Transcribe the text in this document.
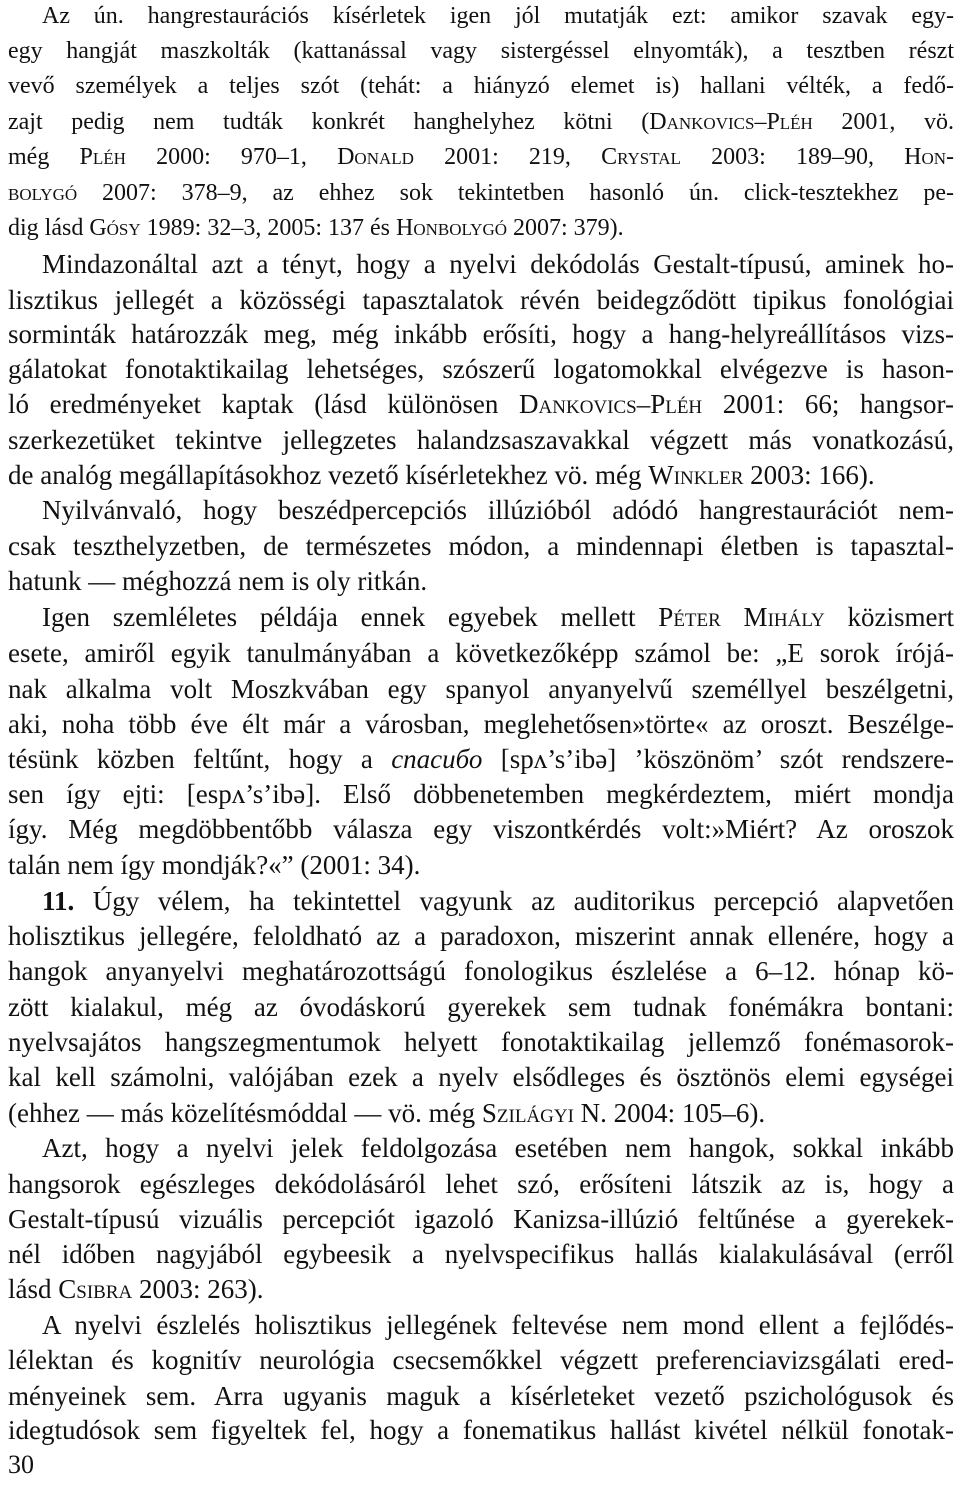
Az ún. hangrestaurációs kísérletek igen jól mutatják ezt: amikor szavak egy-
egy hangját maszkolták (kattanással vagy sistergéssel elnyomták), a tesztben részt
vevő személyek a teljes szót (tehát: a hiányzó elemet is) hallani vélték, a fedő-
zajt pedig nem tudták konkrét hanghelyhez kötni (Dankovics–Pléh 2001, vö.
még Pléh 2000: 970–1, Donald 2001: 219, Crystal 2003: 189–90, Hon-
bolygó 2007: 378–9, az ehhez sok tekintetben hasonló ún. click-tesztekhez pe-
dig lásd Gósy 1989: 32–3, 2005: 137 és Honbolygó 2007: 379).
Mindazonáltal azt a tényt, hogy a nyelvi dekódolás Gestalt-típusú, aminek ho-
lisztikus jellegét a közösségi tapasztalatok révén beidegződött tipikus fonológiai
sorminták határozzák meg, még inkább erősíti, hogy a hang-helyreállításos vizs-
gálatokat fonotaktikailag lehetséges, szószerű logatomokkal elvégezve is hason-
ló eredményeket kaptak (lásd különösen Dankovics–Pléh 2001: 66; hangsor-
szerkezetüket tekintve jellegzetes halandzsaszavakkal végzett más vonatkozású,
de analóg megállapításokhoz vezető kísérletekhez vö. még Winkler 2003: 166).
Nyilvánvaló, hogy beszédpercepciós illúzióból adódó hangrestaurációt nem-
csak teszthelyzetben, de természetes módon, a mindennapi életben is tapasztal-
hatunk — méghozzá nem is oly ritkán.
Igen szemléletes példája ennek egyebek mellett Péter Mihály közismert
esete, amiről egyik tanulmányában a következőképp számol be: „E sorok írójá-
nak alkalma volt Moszkvában egy spanyol anyanyelvű személlyel beszélgetni,
aki, noha több éve élt már a városban, meglehetősen»törte« az oroszt. Beszélge-
tésünk közben feltűnt, hogy a спасибо [spʌ’s’ibə] ’köszönöm’ szót rendszere-
sen így ejti: [espʌ’s’ibə]. Első döbbenetemben megkérdeztem, miért mondja
így. Még megdöbbentőbb válasza egy viszontkérdés volt:»Miért? Az oroszok
talán nem így mondják?«” (2001: 34).
11. Úgy vélem, ha tekintettel vagyunk az auditorikus percepció alapvetően
holisztikus jellegére, feloldható az a paradoxon, miszerint annak ellenére, hogy a
hangok anyanyelvi meghatározottságú fonologikus észlelése a 6–12. hónap kö-
zött kialakul, még az óvodáskorú gyerekek sem tudnak fonémákra bontani:
nyelvsajátos hangszegmentumok helyett fonotaktikailag jellemző fonémasorok-
kal kell számolni, valójában ezek a nyelv elsődleges és ösztönös elemi egységei
(ehhez — más közelítésmóddal — vö. még Szilágyi N. 2004: 105–6).
Azt, hogy a nyelvi jelek feldolgozása esetében nem hangok, sokkal inkább
hangsorok egészleges dekódolásáról lehet szó, erősíteni látszik az is, hogy a
Gestalt-típusú vizuális percepciót igazoló Kanizsa-illúzió feltűnése a gyerekek-
nél időben nagyjából egybeesik a nyelvspecifikus hallás kialakulásával (erről
lásd Csibra 2003: 263).
A nyelvi észlelés holisztikus jellegének feltevése nem mond ellent a fejlődés-
lélektan és kognitív neurológia csecsemőkkel végzett preferenciavizsgálati ered-
ményeinek sem. Arra ugyanis maguk a kísérleteket vezető pszichológusok és
idegtudósok sem figyeltek fel, hogy a fonematikus hallást kivétel nélkül fonotak-
30
